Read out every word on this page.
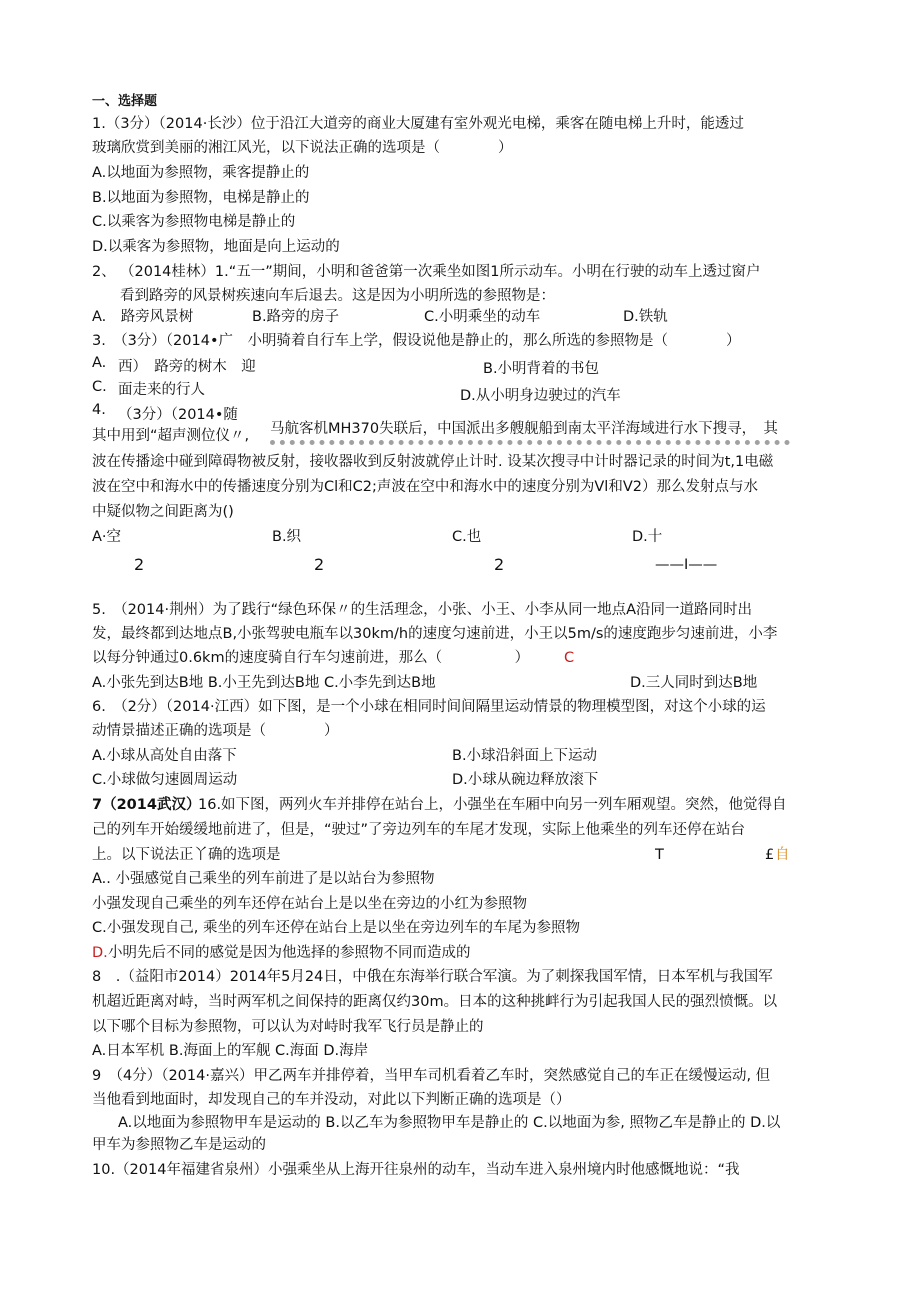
一、选择题
1.（3分）（2014·长沙）位于沿江大道旁的商业大厦建有室外观光电梯，乘客在随电梯上升时，能透过
玻璃欣赏到美丽的湘江风光，以下说法正确的选项是（　　　　）
A.以地面为参照物，乘客提静止的
B.以地面为参照物，电梯是静止的
C.以乘客为参照物电梯是静止的
D.以乘客为参照物，地面是向上运动的
2、 （2014桂林）1.“五一”期间，小明和爸爸第一次乘坐如图1所示动车。小明在行驶的动车上透过窗户
看到路旁的风景树疾速向车后退去。这是因为小明所选的参照物是：
A.　路旁风景树	B.路旁的房子	C.小明乘坐的动车	D.铁轨
3.　（3分）（2014•广　小明骑着自行车上学，假设说他是静止的，那么所选的参照物是（　　　　）
A. 西）　路旁的树木　迎	B.小明背着的书包
C. 面走来的行人	D.从小明身边驶过的汽车
4. （3分）（2014•随
其中用到“超声测位仪〃, 马航客机MH370失联后，中国派出多艘舰船到南太平洋海域进行水下搜寻，　其
波在传播途中碰到障碍物被反射，接收器收到反射波就停止计时. 设某次搜寻中计时器记录的时间为t,1电磁
波在空中和海水中的传播速度分别为Cl和C2;声波在空中和海水中的速度分别为Vl和V2）那么发射点与水
中疑似物之间距离为()
A·空	B.织	C.也	D.十
2	2	2	——I——
5.　（2014·荆州）为了践行“绿色环保〃的生活理念，小张、小王、小李从同一地点A沿同一道路同时出
发，最终都到达地点B,小张驾驶电瓶车以30km/h的速度匀速前进，小王以5m/s的速度跑步匀速前进，小李
以每分钟通过0.6km的速度骑自行车匀速前进，那么（　　　　　） C
A.小张先到达B地 B.小王先到达B地 C.小李先到达B地	D.三人同时到达B地
6.　（2分）（2014·江西）如下图，是一个小球在相同时间间隔里运动情景的物理模型图，对这个小球的运
动情景描述正确的选项是（　　　　）
A.小球从高处自由落下	B.小球沿斜面上下运动
C.小球做匀速圆周运动	D.小球从碗边释放滚下
7（2014武汉）
16.如下图，两列火车并排停在站台上，小强坐在车厢中向另一列车厢观望。突然，他觉得自
己的列车开始缓缓地前进了，但是，“驶过”了旁边列车的车尾才发现，实际上他乘坐的列车还停在站台
上。以下说法正丫确的选项是	T	£ 自
A.. 小强感觉自己乘坐的列车前进了是以站台为参照物
小强发现自己乘坐的列车还停在站台上是以坐在旁边的小红为参照物
C.小强发现自己, 乘坐的列车还停在站台上是以坐在旁边列车的车尾为参照物
D. 小明先后不同的感觉是因为他选择的参照物不同而造成的
8　.（益阳市2014）2014年5月24日，中俄在东海举行联合军演。为了刺探我国军情，日本军机与我国军
机超近距离对峙，当时两军机之间保持的距离仅约30m。日本的这种挑衅行为引起我国人民的强烈愤慨。以
以下哪个目标为参照物，可以认为对峙时我军飞行员是静止的
A.日本军机 B.海面上的军舰 C.海面 D.海岸
9　（4分）（2014·嘉兴）甲乙两车并排停着，当甲车司机看着乙车时，突然感觉自己的车正在缓慢运动, 但
当他看到地面时，却发现自己的车并没动，对此以下判断正确的选项是（）
A.以地面为参照物甲车是运动的 B.以乙车为参照物甲车是静止的 C.以地面为参, 照物乙车是静止的 D.以
甲车为参照物乙车是运动的
10.（2014年福建省泉州）小强乘坐从上海开往泉州的动车，当动车进入泉州境内时他感慨地说：“我
